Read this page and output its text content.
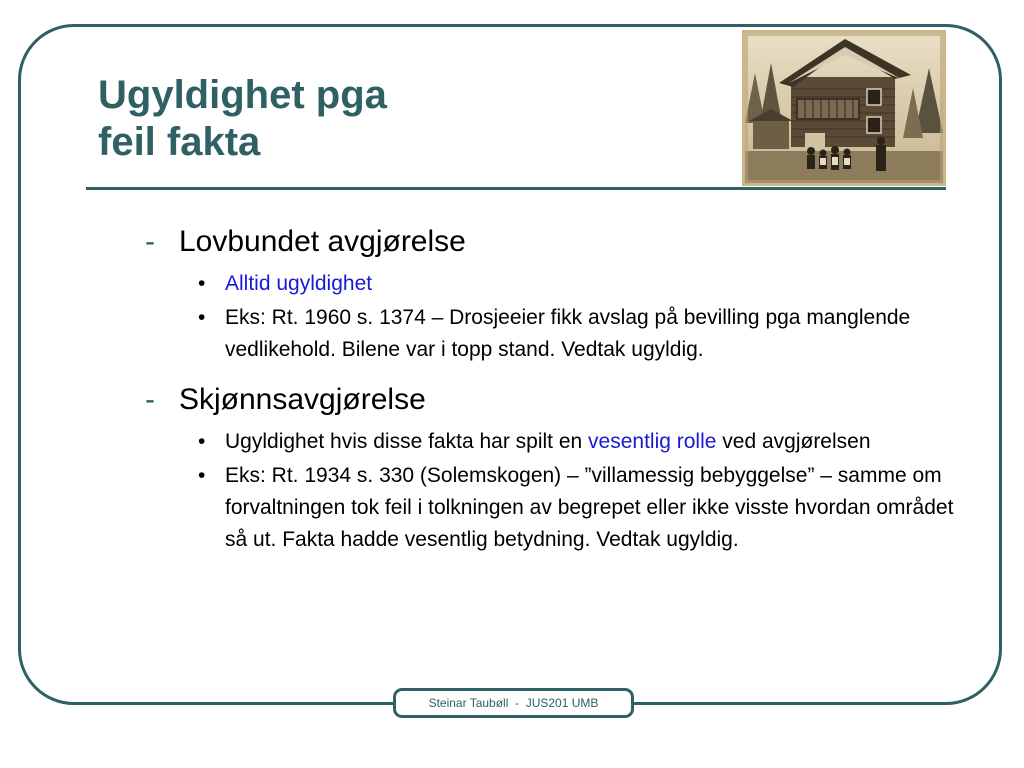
Ugyldighet pga
feil fakta

- Lovbundet avgjørelse

• Alltid ugyldighet

• Eks: Rt. 1960 s. 1374 – Drosjeeier fikk avslag på bevilling pga manglende vedlikehold. Bilene var i topp stand. Vedtak ugyldig.

- Skjønnsavgjørelse

• Ugyldighet hvis disse fakta har spilt en vesentlig rolle ved avgjørelsen

• Eks: Rt. 1934 s. 330 (Solemskogen) – ”villamessig bebyggelse” – samme om forvaltningen tok feil i tolkningen av begrepet eller ikke visste hvordan området så ut. Fakta hadde vesentlig betydning. Vedtak ugyldig.

Steinar Taubøll  -  JUS201 UMB
